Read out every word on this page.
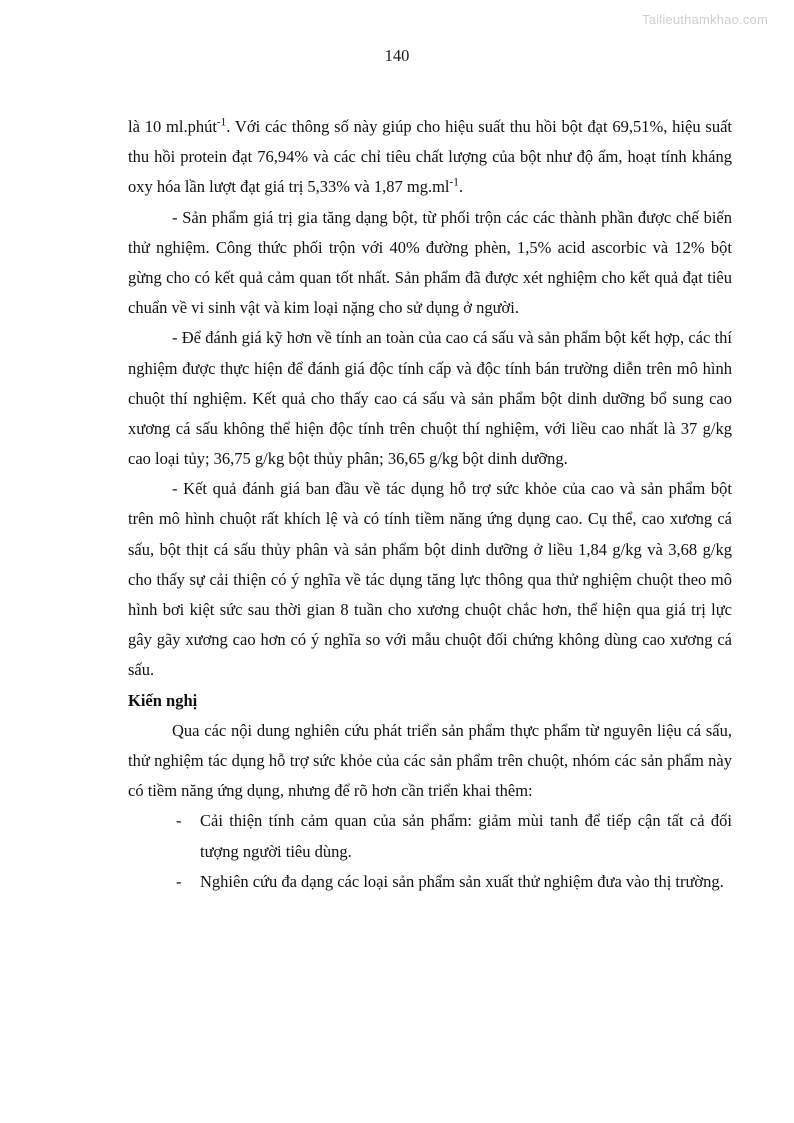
Tailieuthamkhao.com
140

là 10 ml.phút$^{-1}$. Với các thông số này giúp cho hiệu suất thu hồi bột đạt 69,51%, hiệu suất thu hồi protein đạt 76,94% và các chỉ tiêu chất lượng của bột như độ ẩm, hoạt tính kháng oxy hóa lần lượt đạt giá trị 5,33% và 1,87 $mg.ml^{-1}$.

- Sản phẩm giá trị gia tăng dạng bột, từ phối trộn các các thành phần được chế biến thử nghiệm. Công thức phối trộn với 40% đường phèn, 1,5% acid ascorbic và 12% bột gừng cho có kết quả cảm quan tốt nhất. Sản phẩm đã được xét nghiệm cho kết quả đạt tiêu chuẩn về vi sinh vật và kim loại nặng cho sử dụng ở người.

- Để đánh giá kỹ hơn về tính an toàn của cao cá sấu và sản phẩm bột kết hợp, các thí nghiệm được thực hiện để đánh giá độc tính cấp và độc tính bán trường diễn trên mô hình chuột thí nghiệm. Kết quả cho thấy cao cá sấu và sản phẩm bột dinh dưỡng bổ sung cao xương cá sấu không thể hiện độc tính trên chuột thí nghiệm, với liều cao nhất là 37 g/kg cao loại tủy; 36,75 g/kg bột thủy phân; 36,65 g/kg bột dinh dưỡng.

- Kết quả đánh giá ban đầu về tác dụng hỗ trợ sức khỏe của cao và sản phẩm bột trên mô hình chuột rất khích lệ và có tính tiềm năng ứng dụng cao. Cụ thể, cao xương cá sấu, bột thịt cá sấu thủy phân và sản phẩm bột dinh dưỡng ở liều 1,84 g/kg và 3,68 g/kg cho thấy sự cải thiện có ý nghĩa về tác dụng tăng lực thông qua thử nghiệm chuột theo mô hình bơi kiệt sức sau thời gian 8 tuần cho xương chuột chắc hơn, thể hiện qua giá trị lực gây gãy xương cao hơn có ý nghĩa so với mẫu chuột đối chứng không dùng cao xương cá sấu.

Kiến nghị

Qua các nội dung nghiên cứu phát triển sản phẩm thực phẩm từ nguyên liệu cá sấu, thử nghiệm tác dụng hỗ trợ sức khỏe của các sản phẩm trên chuột, nhóm các sản phẩm này có tiềm năng ứng dụng, nhưng để rõ hơn cần triển khai thêm:

- Cải thiện tính cảm quan của sản phẩm: giảm mùi tanh để tiếp cận tất cả đối tượng người tiêu dùng.

- Nghiên cứu đa dạng các loại sản phẩm sản xuất thử nghiệm đưa vào thị trường.
